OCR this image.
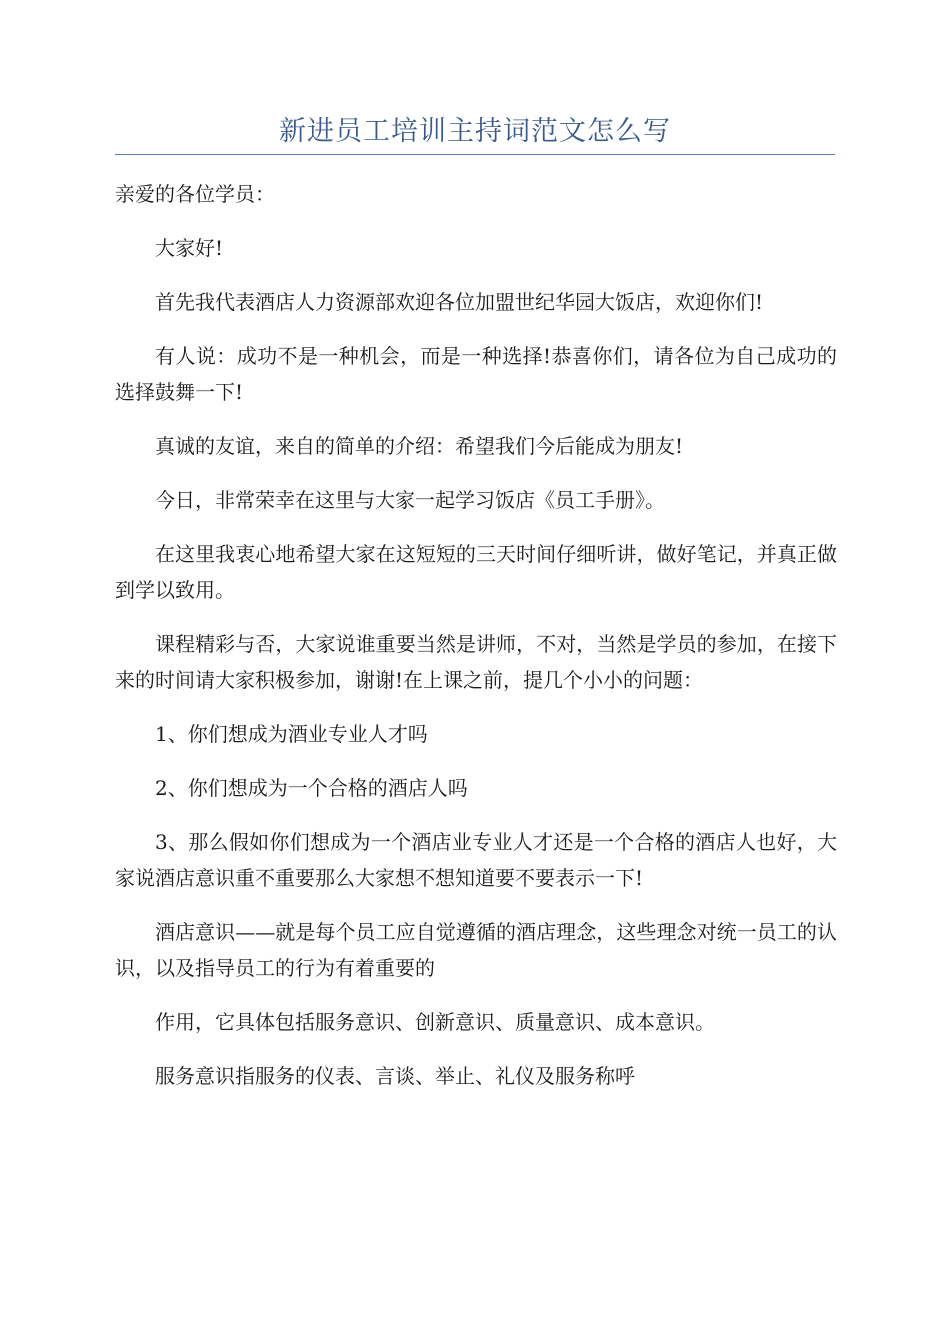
新进员工培训主持词范文怎么写

亲爱的各位学员：

大家好!

首先我代表酒店人力资源部欢迎各位加盟世纪华园大饭店，欢迎你们!

有人说：成功不是一种机会，而是一种选择!恭喜你们，请各位为自己成功的选择鼓舞一下!

真诚的友谊，来自的简单的介绍：希望我们今后能成为朋友!

今日，非常荣幸在这里与大家一起学习饭店《员工手册》。

在这里我衷心地希望大家在这短短的三天时间仔细听讲，做好笔记，并真正做到学以致用。

课程精彩与否，大家说谁重要当然是讲师，不对，当然是学员的参加，在接下来的时间请大家积极参加，谢谢!在上课之前，提几个小小的问题：

1、你们想成为酒业专业人才吗

2、你们想成为一个合格的酒店人吗

3、那么假如你们想成为一个酒店业专业人才还是一个合格的酒店人也好，大家说酒店意识重不重要那么大家想不想知道要不要表示一下!

酒店意识——就是每个员工应自觉遵循的酒店理念，这些理念对统一员工的认识，以及指导员工的行为有着重要的

作用，它具体包括服务意识、创新意识、质量意识、成本意识。

服务意识指服务的仪表、言谈、举止、礼仪及服务称呼
